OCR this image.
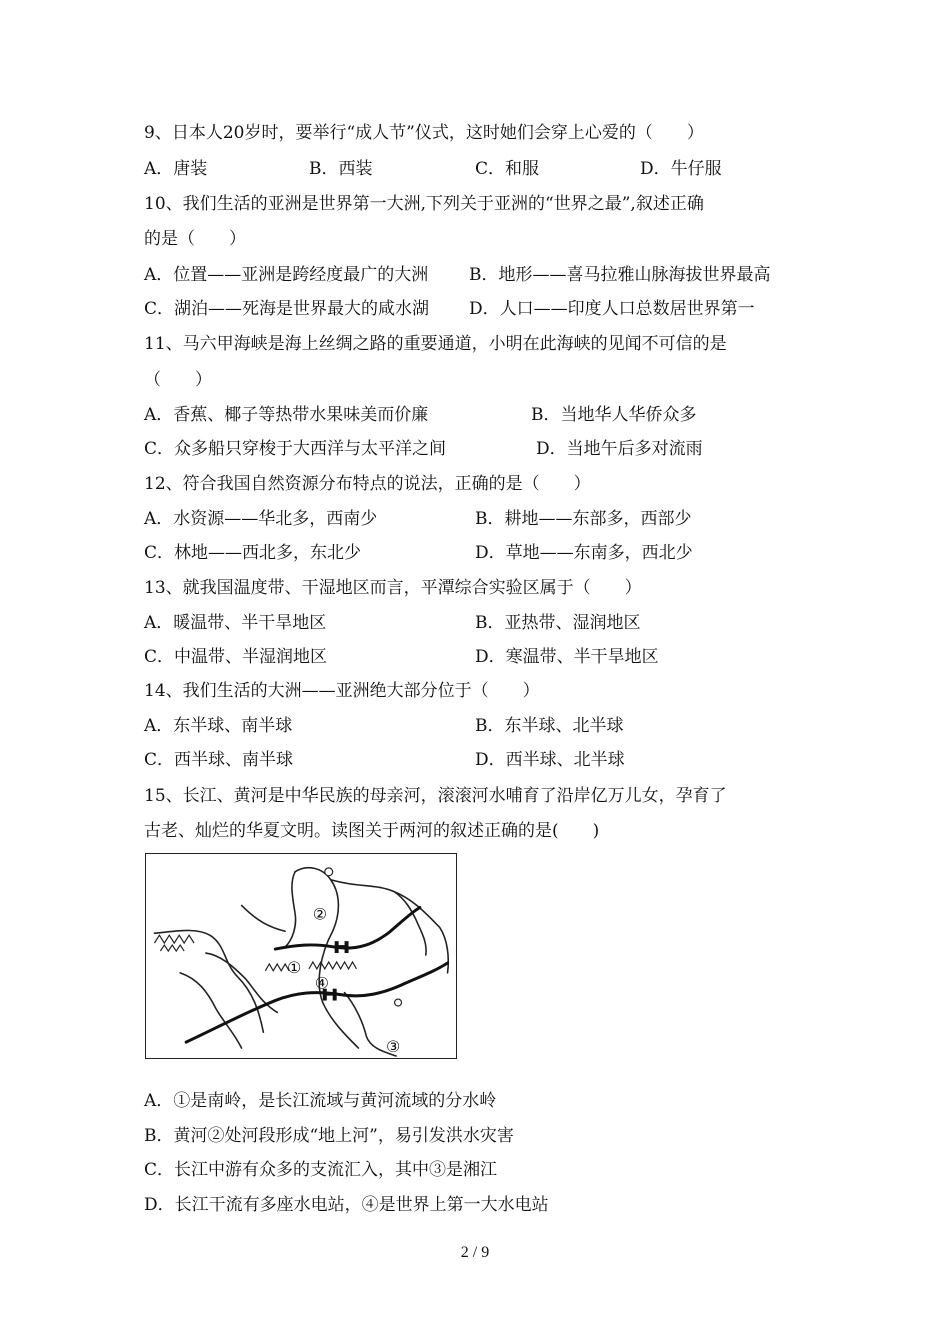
9、日本人20岁时，要举行“成人节”仪式，这时她们会穿上心爱的（　　）
A．唐装	B．西装	C．和服	D．牛仔服
10、我们生活的亚洲是世界第一大洲,下列关于亚洲的“世界之最”,叙述正确
的是（　　）
A．位置——亚洲是跨经度最广的大洲 B．地形——喜马拉雅山脉海拔世界最高
C．湖泊——死海是世界最大的咸水湖 D．人口——印度人口总数居世界第一
11、马六甲海峡是海上丝绸之路的重要通道，小明在此海峡的见闻不可信的是
（　　）
A．香蕉、椰子等热带水果味美而价廉	B．当地华人华侨众多
C．众多船只穿梭于大西洋与太平洋之间	D．当地午后多对流雨
12、符合我国自然资源分布特点的说法，正确的是（　　）
A．水资源——华北多，西南少	B．耕地——东部多，西部少
C．林地——西北多，东北少	D．草地——东南多，西北少
13、就我国温度带、干湿地区而言，平潭综合实验区属于（　　）
A．暖温带、半干旱地区	B．亚热带、湿润地区
C．中温带、半湿润地区	D．寒温带、半干旱地区
14、我们生活的大洲——亚洲绝大部分位于（　　）
A．东半球、南半球	B．东半球、北半球
C．西半球、南半球	D．西半球、北半球
15、长江、黄河是中华民族的母亲河，滚滚河水哺育了沿岸亿万儿女，孕育了
古老、灿烂的华夏文明。读图关于两河的叙述正确的是(　　)
②
①
④
③
A．①是南岭，是长江流域与黄河流域的分水岭
B．黄河②处河段形成“地上河”，易引发洪水灾害
C．长江中游有众多的支流汇入，其中③是湘江
D．长江干流有多座水电站，④是世界上第一大水电站
2 / 9
